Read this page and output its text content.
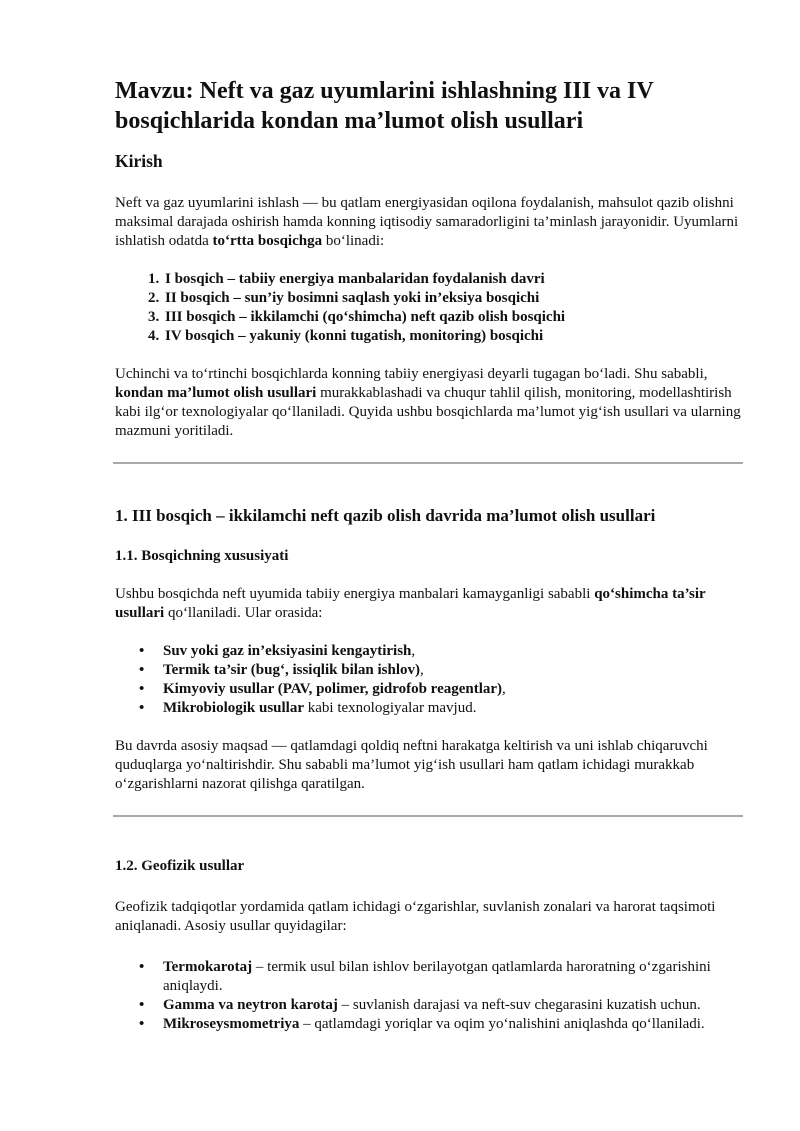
Mavzu: Neft va gaz uyumlarini ishlashning III va IV bosqichlarida kondan ma’lumot olish usullari
Kirish

Neft va gaz uyumlarini ishlash — bu qatlam energiyasidan oqilona foydalanish, mahsulot qazib olishni maksimal darajada oshirish hamda konning iqtisodiy samaradorligini ta’minlash jarayonidir. Uyumlarni ishlatish odatda to‘rtta bosqichga bo‘linadi:

1. I bosqich – tabiiy energiya manbalaridan foydalanish davri
2. II bosqich – sun’iy bosimni saqlash yoki in’eksiya bosqichi
3. III bosqich – ikkilamchi (qo‘shimcha) neft qazib olish bosqichi
4. IV bosqich – yakuniy (konni tugatish, monitoring) bosqichi

Uchinchi va to‘rtinchi bosqichlarda konning tabiiy energiyasi deyarli tugagan bo‘ladi. Shu sababli, kondan ma’lumot olish usullari murakkablashadi va chuqur tahlil qilish, monitoring, modellashtirish kabi ilg‘or texnologiyalar qo‘llaniladi. Quyida ushbu bosqichlarda ma’lumot yig‘ish usullari va ularning mazmuni yoritiladi.

1. III bosqich – ikkilamchi neft qazib olish davrida ma’lumot olish usullari
1.1. Bosqichning xususiyati

Ushbu bosqichda neft uyumida tabiiy energiya manbalari kamayganligi sababli qo‘shimcha ta’sir usullari qo‘llaniladi. Ular orasida:

• Suv yoki gaz in’eksiyasini kengaytirish,
• Termik ta’sir (bug‘, issiqlik bilan ishlov),
• Kimyoviy usullar (PAV, polimer, gidrofob reagentlar),
• Mikrobiologik usullar kabi texnologiyalar mavjud.

Bu davrda asosiy maqsad — qatlamdagi qoldiq neftni harakatga keltirish va uni ishlab chiqaruvchi quduqlarga yo‘naltirishdir. Shu sababli ma’lumot yig‘ish usullari ham qatlam ichidagi murakkab o‘zgarishlarni nazorat qilishga qaratilgan.

1.2. Geofizik usullar

Geofizik tadqiqotlar yordamida qatlam ichidagi o‘zgarishlar, suvlanish zonalari va harorat taqsimoti aniqlanadi. Asosiy usullar quyidagilar:

• Termokarotaj – termik usul bilan ishlov berilayotgan qatlamlarda haroratning o‘zgarishini aniqlaydi.
• Gamma va neytron karotaj – suvlanish darajasi va neft-suv chegarasini kuzatish uchun.
• Mikroseysmometriya – qatlamdagi yoriqlar va oqim yo‘nalishini aniqlashda qo‘llaniladi.
